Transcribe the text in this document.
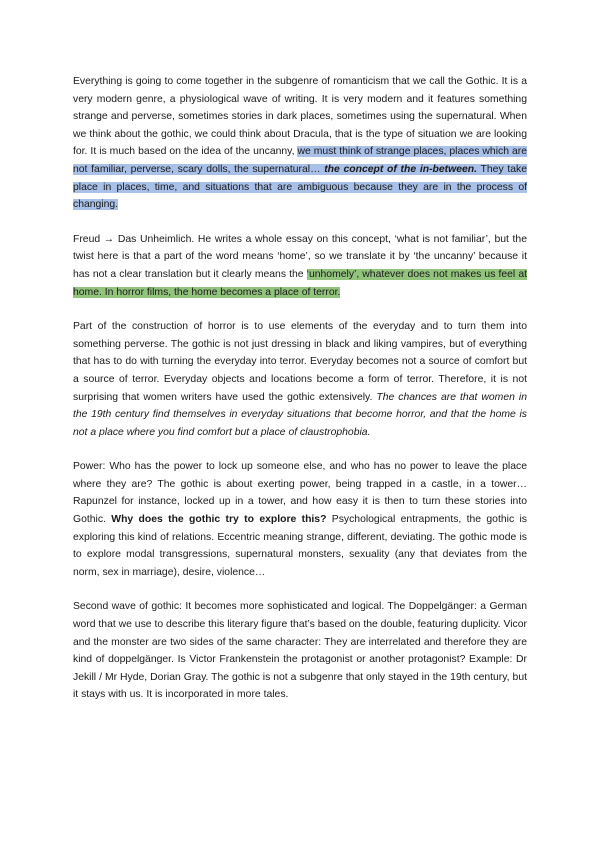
Everything is going to come together in the subgenre of romanticism that we call the Gothic. It is a very modern genre, a physiological wave of writing. It is very modern and it features something strange and perverse, sometimes stories in dark places, sometimes using the supernatural. When we think about the gothic, we could think about Dracula, that is the type of situation we are looking for. It is much based on the idea of the uncanny, we must think of strange places, places which are not familiar, perverse, scary dolls, the supernatural… the concept of the in-between. They take place in places, time, and situations that are ambiguous because they are in the process of changing.

Freud → Das Unheimlich. He writes a whole essay on this concept, ‘what is not familiar’, but the twist here is that a part of the word means ‘home’, so we translate it by ‘the uncanny’ because it has not a clear translation but it clearly means the ‘unhomely’, whatever does not makes us feel at home. In horror films, the home becomes a place of terror.

Part of the construction of horror is to use elements of the everyday and to turn them into something perverse. The gothic is not just dressing in black and liking vampires, but of everything that has to do with turning the everyday into terror. Everyday becomes not a source of comfort but a source of terror. Everyday objects and locations become a form of terror. Therefore, it is not surprising that women writers have used the gothic extensively. The chances are that women in the 19th century find themselves in everyday situations that become horror, and that the home is not a place where you find comfort but a place of claustrophobia.

Power: Who has the power to lock up someone else, and who has no power to leave the place where they are? The gothic is about exerting power, being trapped in a castle, in a tower… Rapunzel for instance, locked up in a tower, and how easy it is then to turn these stories into Gothic. Why does the gothic try to explore this? Psychological entrapments, the gothic is exploring this kind of relations. Eccentric meaning strange, different, deviating. The gothic mode is to explore modal transgressions, supernatural monsters, sexuality (any that deviates from the norm, sex in marriage), desire, violence…

Second wave of gothic: It becomes more sophisticated and logical. The Doppelgänger: a German word that we use to describe this literary figure that’s based on the double, featuring duplicity. Vicor and the monster are two sides of the same character: They are interrelated and therefore they are kind of doppelgänger. Is Victor Frankenstein the protagonist or another protagonist? Example: Dr Jekill / Mr Hyde, Dorian Gray. The gothic is not a subgenre that only stayed in the 19th century, but it stays with us. It is incorporated in more tales.
